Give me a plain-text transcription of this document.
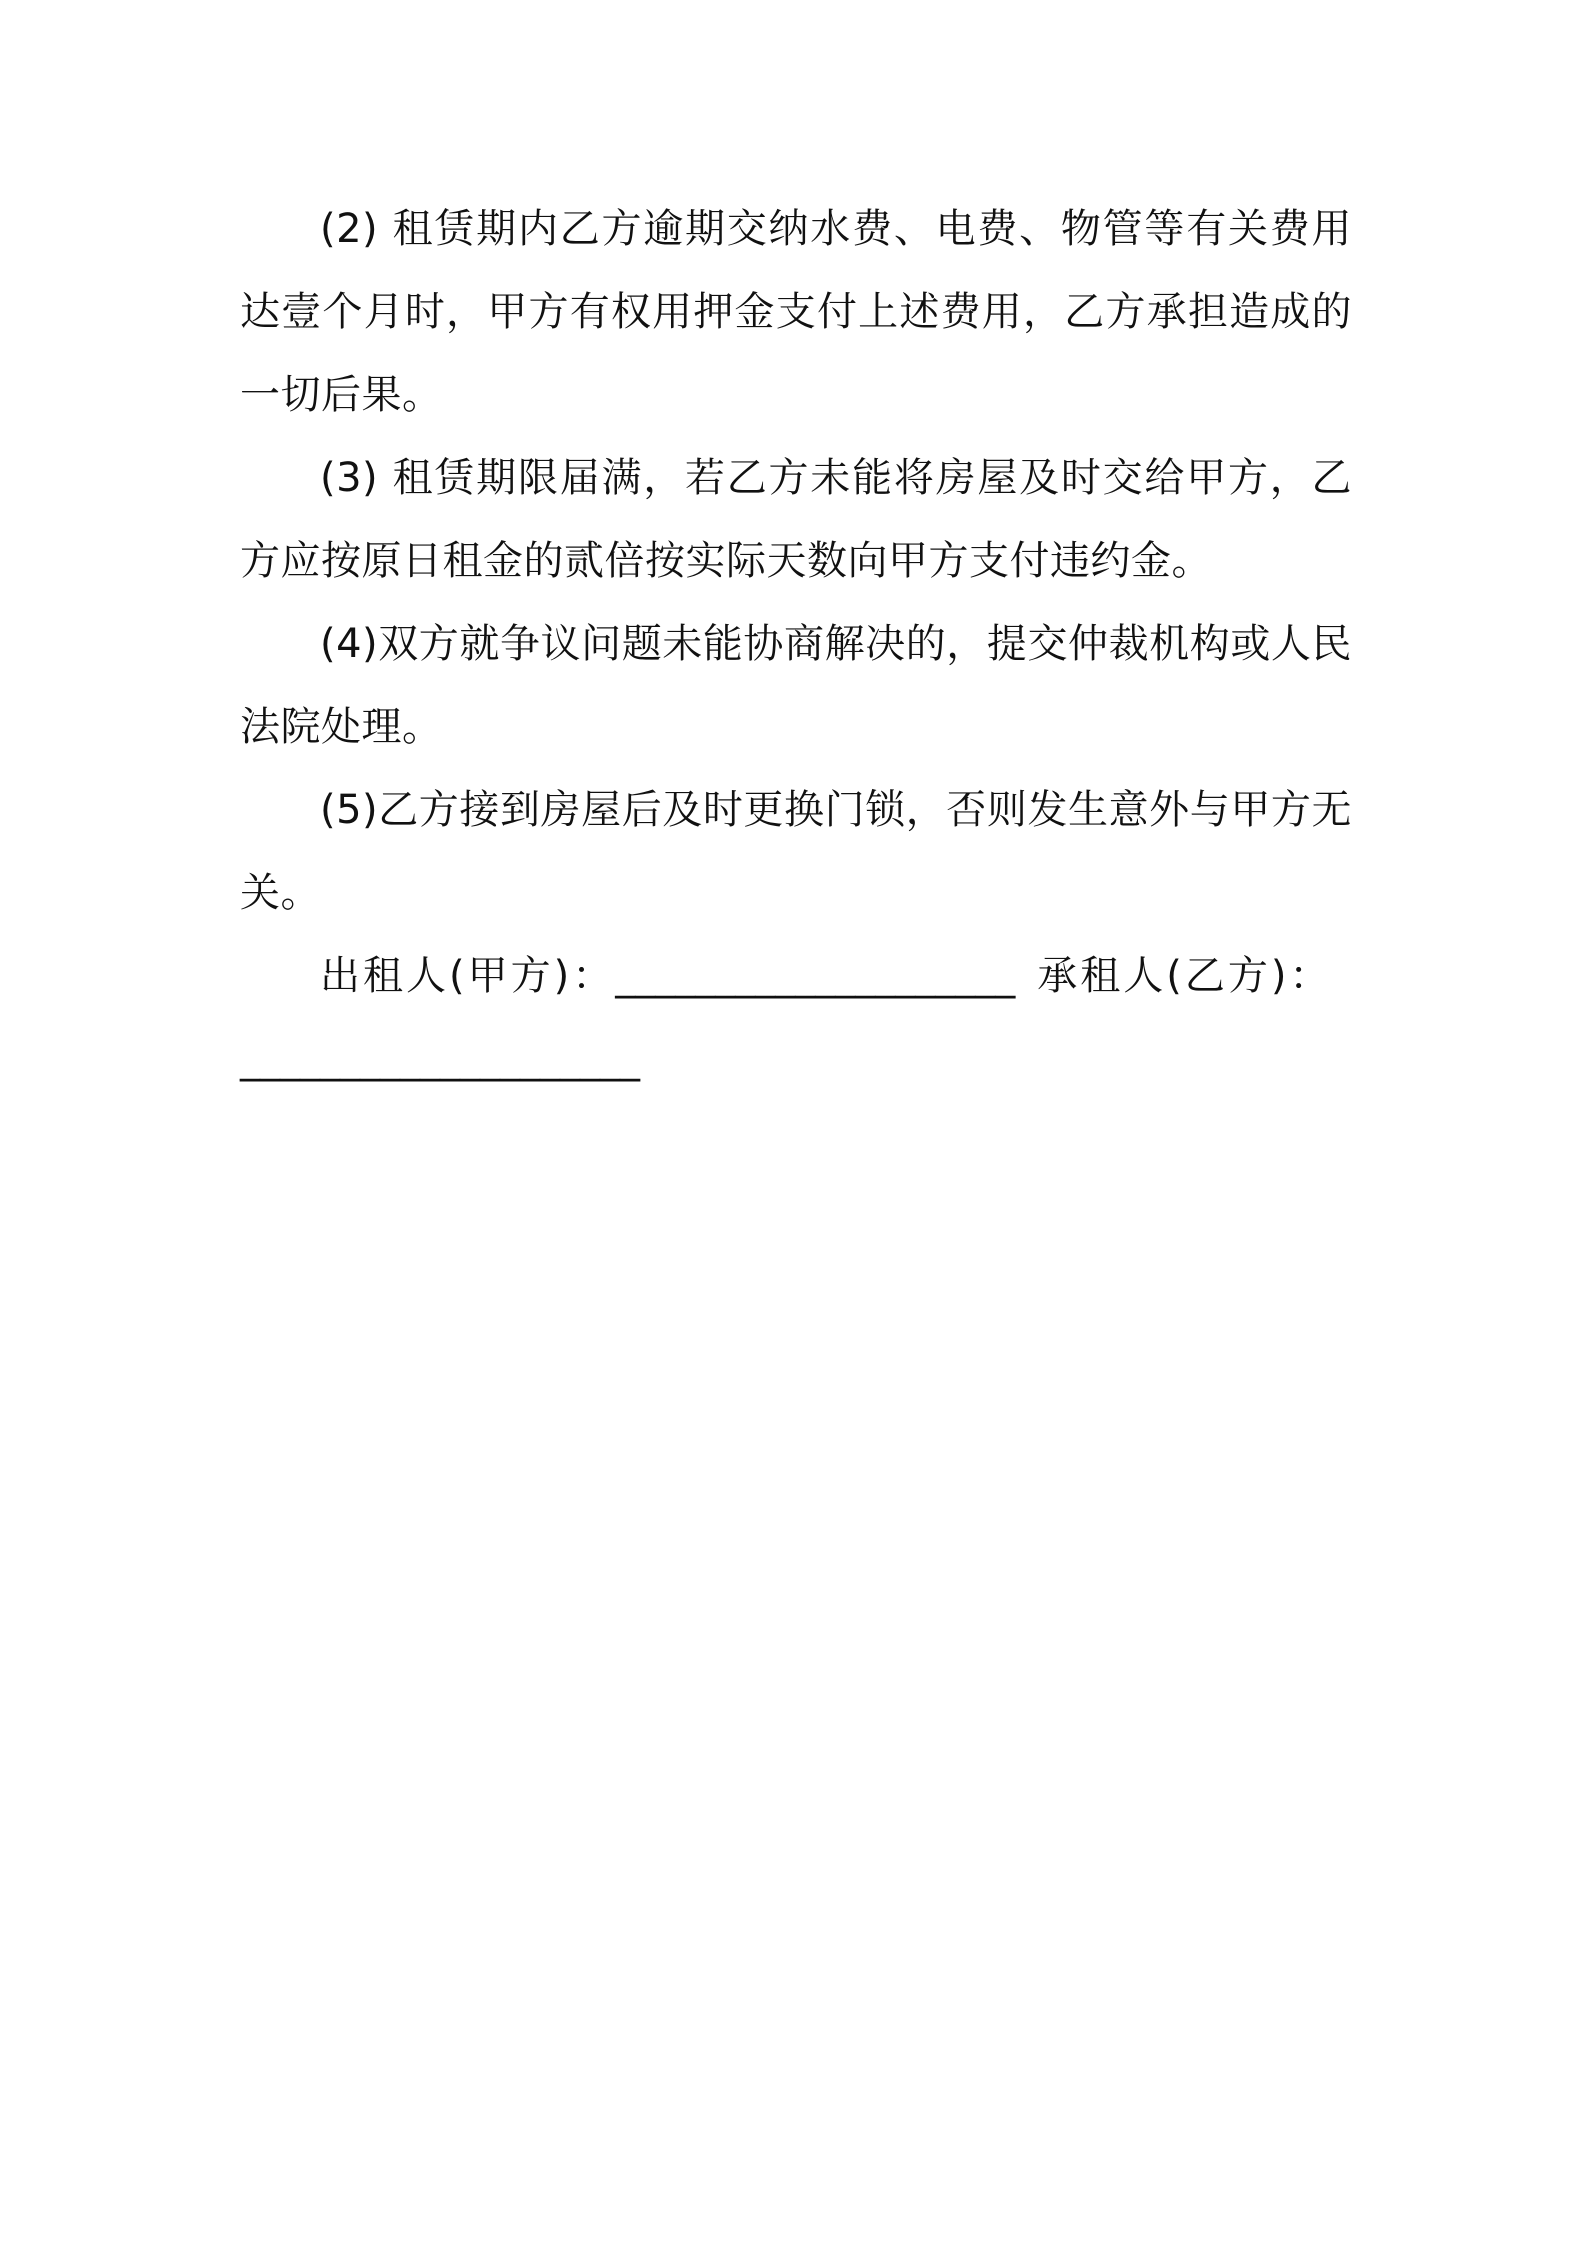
(2) 租赁期内乙方逾期交纳水费、电费、物管等有关费用达壹个月时，甲方有权用押金支付上述费用，乙方承担造成的一切后果。

(3) 租赁期限届满，若乙方未能将房屋及时交给甲方，乙方应按原日租金的贰倍按实际天数向甲方支付违约金。

(4)双方就争议问题未能协商解决的，提交仲裁机构或人民法院处理。

(5)乙方接到房屋后及时更换门锁，否则发生意外与甲方无关。

出租人(甲方)：____________________ 承租人(乙方)：____________________
